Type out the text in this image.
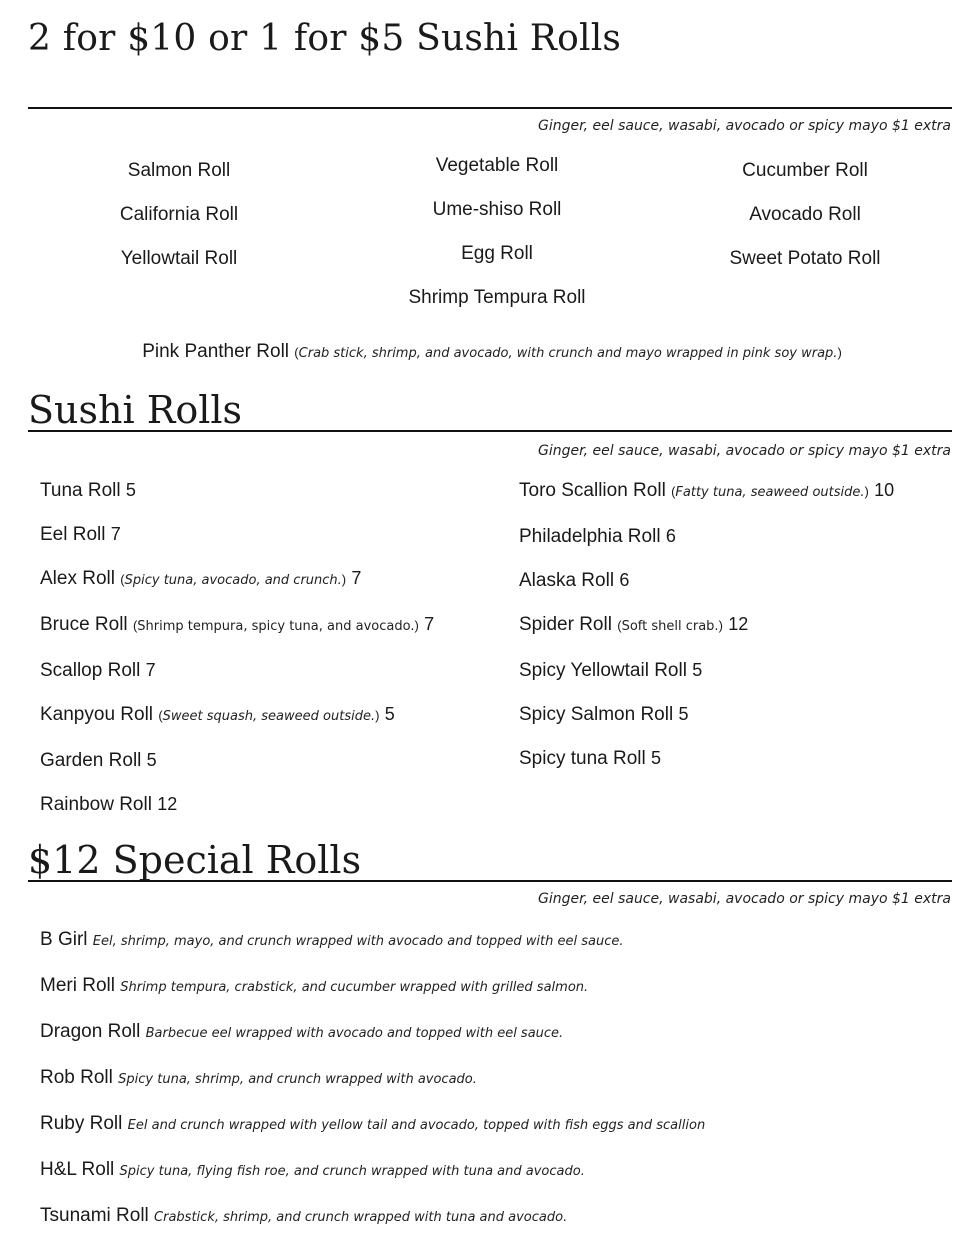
2 for $10 or 1 for $5 Sushi Rolls
Ginger, eel sauce, wasabi, avocado or spicy mayo $1 extra
Salmon Roll
California Roll
Yellowtail Roll
Vegetable Roll
Ume-shiso Roll
Egg Roll
Shrimp Tempura Roll
Cucumber Roll
Avocado Roll
Sweet Potato Roll
Pink Panther Roll (Crab stick, shrimp, and avocado, with crunch and mayo wrapped in pink soy wrap.)
Sushi Rolls
Ginger, eel sauce, wasabi, avocado or spicy mayo $1 extra
Tuna Roll 5
Eel Roll 7
Alex Roll (Spicy tuna, avocado, and crunch.) 7
Bruce Roll (Shrimp tempura, spicy tuna, and avocado.) 7
Scallop Roll 7
Kanpyou Roll (Sweet squash, seaweed outside.) 5
Garden Roll 5
Rainbow Roll 12
Toro Scallion Roll (Fatty tuna, seaweed outside.) 10
Philadelphia Roll 6
Alaska Roll 6
Spider Roll (Soft shell crab.) 12
Spicy Yellowtail Roll 5
Spicy Salmon Roll 5
Spicy tuna Roll 5
$12 Special Rolls
Ginger, eel sauce, wasabi, avocado or spicy mayo $1 extra
B Girl Eel, shrimp, mayo, and crunch wrapped with avocado and topped with eel sauce.
Meri Roll Shrimp tempura, crabstick, and cucumber wrapped with grilled salmon.
Dragon Roll Barbecue eel wrapped with avocado and topped with eel sauce.
Rob Roll Spicy tuna, shrimp, and crunch wrapped with avocado.
Ruby Roll Eel and crunch wrapped with yellow tail and avocado, topped with fish eggs and scallion
H&L Roll Spicy tuna, flying fish roe, and crunch wrapped with tuna and avocado.
Tsunami Roll Crabstick, shrimp, and crunch wrapped with tuna and avocado.
